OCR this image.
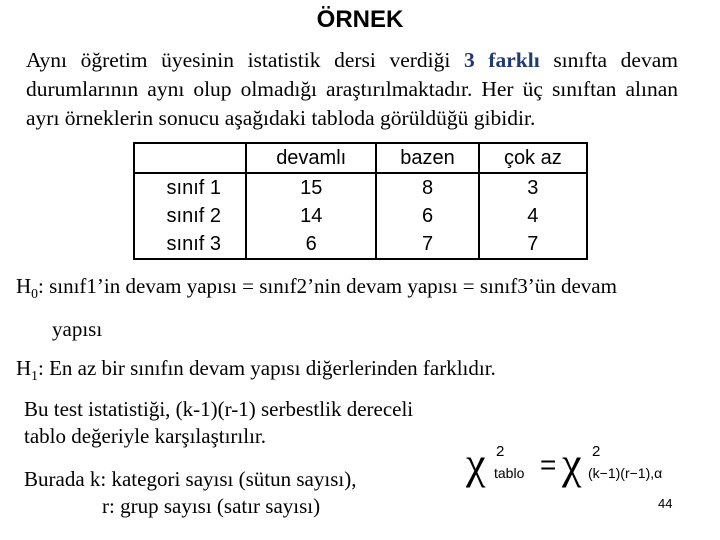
ÖRNEK
Aynı öğretim üyesinin istatistik dersi verdiği 3 farklı sınıfta devam durumlarının aynı olup olmadığı araştırılmaktadır. Her üç sınıftan alınan ayrı örneklerin sonucu aşağıdaki tabloda görüldüğü gibidir.
	devamlı	bazen	çok az
sınıf 1	15	8	3
sınıf 2	14	6	4
sınıf 3	6	7	7
$H_0$: sınıf1’in devam yapısı = sınıf2’nin devam yapısı = sınıf3’ün devam
yapısı
$H_1$: En az bir sınıfın devam yapısı diğerlerinden farklıdır.
Bu test istatistiği, (k-1)(r-1) serbestlik dereceli tablo değeriyle karşılaştırılır.
Burada k: kategori sayısı (sütun sayısı),
r: grup sayısı (satır sayısı)
χ 2
tablo = χ 2
(k−1)(r−1),α
44
